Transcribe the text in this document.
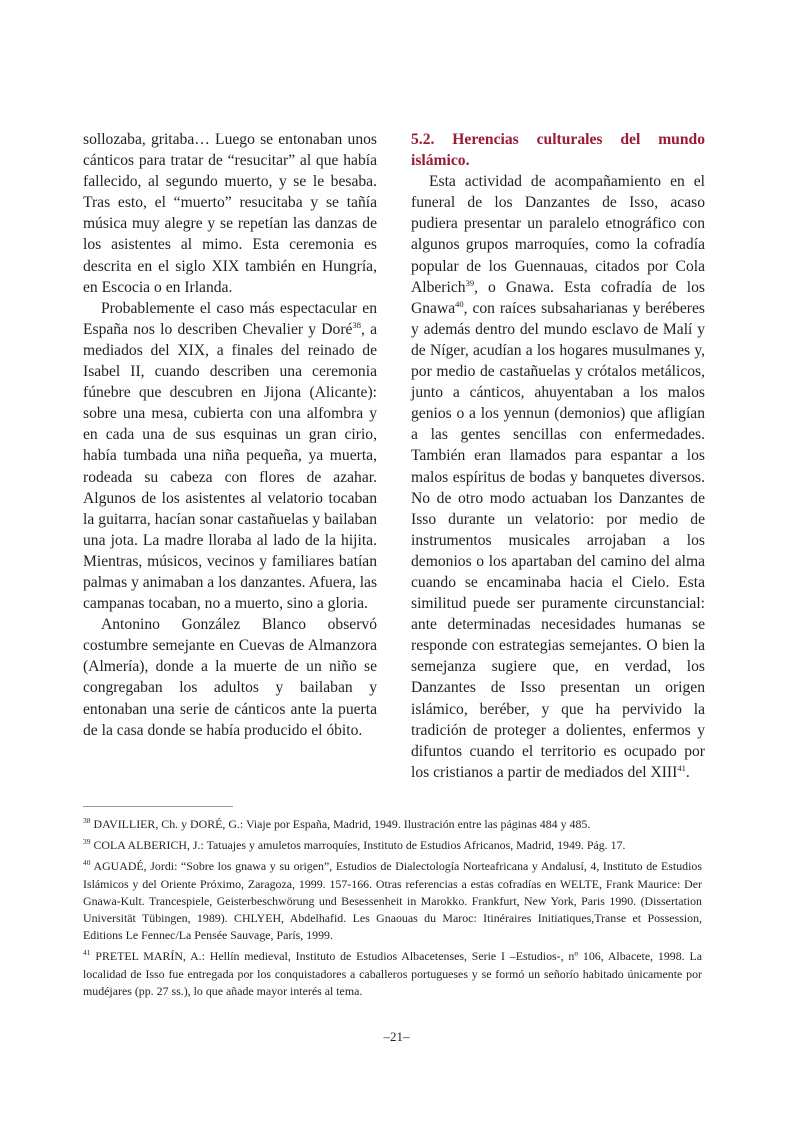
sollozaba, gritaba… Luego se entonaban unos cánticos para tratar de “resucitar” al que había fallecido, al segundo muerto, y se le besaba. Tras esto, el “muerto” resucitaba y se tañía música muy alegre y se repetían las danzas de los asistentes al mimo. Esta ceremonia es descrita en el siglo XIX también en Hungría, en Escocia o en Irlanda.

Probablemente el caso más espectacular en España nos lo describen Chevalier y Doré$^{38}$, a mediados del XIX, a finales del reinado de Isabel II, cuando describen una ceremonia fúnebre que descubren en Jijona (Alicante): sobre una mesa, cubierta con una alfombra y en cada una de sus esquinas un gran cirio, había tumbada una niña pequeña, ya muerta, rodeada su cabeza con flores de azahar. Algunos de los asistentes al velatorio tocaban la guitarra, hacían sonar castañuelas y bailaban una jota. La madre lloraba al lado de la hijita. Mientras, músicos, vecinos y familiares batían palmas y animaban a los danzantes. Afuera, las campanas tocaban, no a muerto, sino a gloria.

Antonino González Blanco observó costumbre semejante en Cuevas de Almanzora (Almería), donde a la muerte de un niño se congregaban los adultos y bailaban y entonaban una serie de cánticos ante la puerta de la casa donde se había producido el óbito.

5.2. Herencias culturales del mundo islámico.

Esta actividad de acompañamiento en el funeral de los Danzantes de Isso, acaso pudiera presentar un paralelo etnográfico con algunos grupos marroquíes, como la cofradía popular de los Guennauas, citados por Cola Alberich$^{39}$, o Gnawa. Esta cofradía de los Gnawa$^{40}$, con raíces subsaharianas y beréberes y además dentro del mundo esclavo de Malí y de Níger, acudían a los hogares musulmanes y, por medio de castañuelas y crótalos metálicos, junto a cánticos, ahuyentaban a los malos genios o a los yennun (demonios) que afligían a las gentes sencillas con enfermedades. También eran llamados para espantar a los malos espíritus de bodas y banquetes diversos. No de otro modo actuaban los Danzantes de Isso durante un velatorio: por medio de instrumentos musicales arrojaban a los demonios o los apartaban del camino del alma cuando se encaminaba hacia el Cielo. Esta similitud puede ser puramente circunstancial: ante determinadas necesidades humanas se responde con estrategias semejantes. O bien la semejanza sugiere que, en verdad, los Danzantes de Isso presentan un origen islámico, beréber, y que ha pervivido la tradición de proteger a dolientes, enfermos y difuntos cuando el territorio es ocupado por los cristianos a partir de mediados del XIII$^{41}$.

$^{38}$ DAVILLIER, Ch. y DORÉ, G.: Viaje por España, Madrid, 1949. Ilustración entre las páginas 484 y 485.

$^{39}$ COLA ALBERICH, J.: Tatuajes y amuletos marroquíes, Instituto de Estudios Africanos, Madrid, 1949. Pág. 17.

$^{40}$ AGUADÉ, Jordi: “Sobre los gnawa y su origen”, Estudios de Dialectología Norteafricana y Andalusí, 4, Instituto de Estudios Islámicos y del Oriente Próximo, Zaragoza, 1999. 157-166. Otras referencias a estas cofradías en WELTE, Frank Maurice: Der Gnawa-Kult. Trancespiele, Geisterbeschwörung und Besessenheit in Marokko. Frankfurt, New York, Paris 1990. (Dissertation Universität Tübingen, 1989). CHLYEH, Abdelhafid. Les Gnaouas du Maroc: Itinéraires Initiatiques,Transe et Possession, Editions Le Fennec/La Pensée Sauvage, París, 1999.

$^{41}$ PRETEL MARÍN, A.: Hellín medieval, Instituto de Estudios Albacetenses, Serie I –Estudios-, nº 106, Albacete, 1998. La localidad de Isso fue entregada por los conquistadores a caballeros portugueses y se formó un señorío habitado únicamente por mudéjares (pp. 27 ss.), lo que añade mayor interés al tema.

–21–
